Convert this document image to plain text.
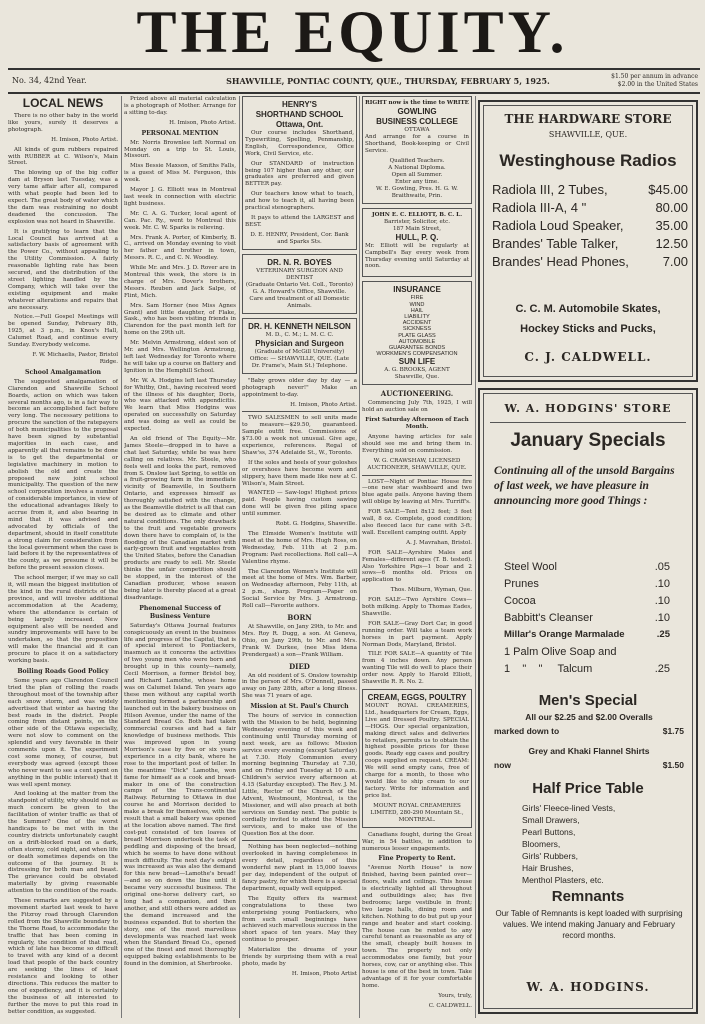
THE EQUITY.
No. 34, 42nd Year.	SHAWVILLE, PONTIAC COUNTY, QUE., THURSDAY, FEBRUARY 5, 1925.	$1.50 per annum in advance
$2.00 in the United States
LOCAL NEWS

There is no other baby in the world like yours, surely it deserves a photograph.

H. Imison, Photo Artist.

All kinds of gum rubbers repaired with RUBBER at C. Wilson's, Main Street.

The blowing up of the big coffer dam at Bryson last Tuesday, was a very tame affair after all, compared with what people had been led to expect. The great body of water which the dam was restraining no doubt deadened the concussion. The explosion was not heard in Shawville.

It is gratifying to learn that the Local Council has arrived at a satisfactory basis of agreement with the Power Co., without appealing to the Utility Commission. A fairly reasonable lighting rate has been secured, and the distribution of the street lighting handled by the Company, which will take over the existing equipment and make whatever alterations and repairs that are necessary.

Notice.—Full Gospel Meetings will be opened Sunday, February 8th, 1925, at 3 p.m., in Knox's Hall, Calumet Road, and continue every Sunday. Everybody welcome.

F. W. Michaelis, Pastor, Bristol Ridge.

School Amalgamation

The suggested amalgamation of Clarendon and Shawville School Boards, action on which was taken several months ago, is in a fair way to become an accomplished fact before very long. The necessary petitions to procure the sanction of the ratepayers of both municipalities to the proposal have been signed by substantial majorities in each case, and apparently all that remains to be done is to get the departmental or legislative machinery in motion to abolish the old and create the proposed new joint school municipality. The question of the new school corporation involves a number of considerable importance, in view of the educational advantages likely to accrue from it, and also bearing in mind that it was advised and advocated by officials of the department, should in itself constitute a strong claim for consideration from the local government when the case is laid before it by the representatives of the county, as we presume it will be before the present session closes.

The school merger, if we may so call it, will mean the biggest institution of the kind in the rural districts of the province, and will involve additional accommodation at the Academy, where the attendance is certain of being largely increased. New equipment also will be needed and sundry improvements will have to be undertaken, so that the proposition will make the financial aid it can procure to place it on a satisfactory working basis.

Boiling Roads Good Policy

Some years ago Clarendon Council tried the plan of rolling the roads throughout most of the township after each snow storm, and was widely advertised that winter as having the best roads in the district. People coming from distant points, on the other side of the Ottawa especially, were not slow to comment on the splendid and very favorable in their comments upon it. The experiment cost some money, of course, but everybody was agreed (except those who never want to see a cent spent on anything in the public interest) that it was well spent money.

And looking at the matter from the standpoint of utility, why should not as much concern be given to the facilitation of winter traffic as that of the Summer? One of the worst handicaps to be met with in the country districts unfortunately caught on a drift-blocked road on a dark, often stormy, cold night, and when life or death sometimes depends on the outcome of the journey. It is distressing for both man and beast. The grievance could be obviated materially by giving reasonable attention to the condition of the roads.

These remarks are suggested by a movement started last week to have the Fitzroy road through Clarendon rolled from the Shawville boundary to the Thorne Road, to accommodate the traffic that has been coming in regularly, the condition of that road, which of late has become so difficult to travel with any kind of a decent load that people of the back country are seeking the lines of least resistance and looking to other directions. This reduces the matter to one of expediency, and it is certainly the business of all interested to further the move to put this road in better condition, as suggested.

Prized above all material calculation is a photograph of Mother. Arrange for a sitting to-day.

H. Imison, Photo Artist.

PERSONAL MENTION

Mr. Norris Brownlee left Normal on Monday on a trip to St. Louis, Missouri.

Miss Bessie Maxson, of Smiths Falls, is a guest of Miss M. Ferguson, this week.

Mayor J. G. Elliott was in Montreal last week in connection with electric light business.

Mr. C. A. G. Tucker, local agent of Can. Pac. Ry., went to Montreal this week. Mr. C. W. Sparks is relieving.

Mrs. Frank A. Porter, of Kimberly, B. C., arrived on Monday evening to visit her father and brother in town, Messrs. R. C., and C. N. Woodley.

While Mr. and Mrs. J. D. Rover are in Montreal this week, the store is in charge of Mrs. Dover's brothers, Messrs. Reuben and Jack Salpe, of Flint, Mich.

Mrs. Sam Horner (nee Miss Agnes Grant) and little daughter, of Flake, Sask., who has been visiting friends in Clarendon for the past month left for home on the 29th ult.

Mr. Melvin Armstrong, eldest son of Mr. and Mrs. Wellington Armstrong, left last Wednesday for Toronto where he will take up a course on Battery and Ignition in the Hemphill School.

Mr. W. A. Hodgins left last Thursday for Whitby, Ont., having received word of the illness of his daughter, Doris, who was attacked with appendicitis. We learn that Miss Hodgins was operated on successfully on Saturday and was doing as well as could be expected.

An old friend of The Equity—Mr. James Steele—dropped in to have a chat last Saturday, while he was here calling on relatives. Mr. Steele, who feels well and looks the part, removed from S. Onslow last Spring, to settle on a fruit-growing farm in the immediate vicinity of Beamsville, in Southern Ontario, and expresses himself as thoroughly satisfied with the change, as the Beamsville district is all that can be desired as to climate and other natural conditions. The only drawback to the fruit and vegetable growers down there have to complain of, is the flooding of the Canadian market with early-grown fruit and vegetables from the United States, before the Canadian products are ready to sell. Mr. Steele thinks the unfair competition should be stopped, in the interest of the Canadian producer, whose season being later is thereby placed at a great disadvantage.

Phenomenal Success of Business Venture

Saturday's Ottawa Journal features conspicuously an event in the business life and progress of the Capital, that is of special interest to Pontiackers, inasmuch as it concerns the activities of two young men who were born and brought up in this county—namely, Cecil Morrison, a former Bristol boy, and Richard Lamothe, whose home was on Calumet Island. Ten years ago these men without any capital worth mentioning formed a partnership and launched out in the bakery business on Hilson Avenue, under the name of the Standard Bread Co. Both had taken commercial courses and had a fair knowledge of business methods. This was improved upon in young Morrison's case by five or six years experience in a city bank, where he rose to the important post of teller. In the meantime "Dick" Lamothe, won fame for himself as a cook and bread-maker in one of the construction camps of the Trans-continental Railway. Returning to Ottawa in due course he and Morrison decided to make a break for themselves, with the result that a small bakery was opened at the location above named. The first cost-put consisted of ten loaves of bread! Morrison undertook the task of peddling and disposing of the bread, which he seems to have done without much difficulty. The next day's output was increased as was also the demand for this new bread—Lamothe's bread!—and so on down the line until it became very successful business. The original one-horse delivery cart, so long had a companion, and then another, and still others were added as the demand increased and the business expanded. But to shorten the story, one of the most marvellous developments was reached last week when the Standard Bread Co., opened one of the finest and most thoroughly equipped baking establishments to be found in the dominion, at Sherbrooke.

HENRY'S
SHORTHAND SCHOOL
Ottawa, Ont.

Our course includes Shorthand, Typewriting, Spelling, Penmanship, English, Correspondence, Office Work, Civil Service, etc.

Our STANDARD of instruction being 107 higher than any other, our graduates are preferred and given BETTER pay.

Our teachers know what to teach, and how to teach it, all having been practical stenographers.

It pays to attend the LARGEST and BEST.

D. E. HENRY, President, Cor. Bank and Sparks Sts.
DR. N. R. BOYES
VETERINARY SURGEON AND DENTIST
(Graduate Ontario Vet. Coll., Toronto) G. A. Howard's Office, Shawville. Care and treatment of all Domestic Animals.
DR. H. KENNETH NEILSON
M. D., C. M.; L. M. C. C.
Physician and Surgeon
(Graduate of McGill University) Office: — SHAWVILLE, QUE. (Late Dr. Frame's, Main St.) Telephone.

"Baby grows older day by day — a photograph never!" Make an appointment to-day.

H. Imison, Photo Artist.

TWO SALESMEN to sell units made to measure—$29.50, guaranteed. Sample outfit free. Commissions of $73.00 a week not unusual. Give age, experience, references. Regal of Shaw'ss, 374 Adelaide St., W., Toronto.

If the soles and heels of your goloshes or overshoes have become worn and slippery, have them made like new at C. Wilson's, Main Street.

WANTED — Saw-logs! Highest prices paid. People having custom sawing done will be given free piling space until summer.

Robt. G. Hodgins, Shawville.

The Elmside Women's Institute will meet at the home of Mrs. Hugh Ross, on Wednesday, Feb. 11th at 2 p.m. Program: Past recollections. Roll call—A Valentine rhyme.

The Clarendon Women's Institute will meet at the home of Mrs. Wm. Barber, on Wednesday afternoon, Feby 11th, at 2 p.m., sharp. Program—Paper on Social Service by Mrs. J. Armstrong. Roll call—Favorite authors.

BORN

At Shawville, on Jany 29th, to Mr. and Mrs. Roy R. Dugg, a son. At Geneva, Ohio, on Jany 29th, to Mr. and Mrs. Frank W. Durkee, (nee Miss Idena Prendergast) a son—Frank William.

DIED

An old resident of S. Onslow township in the person of Mrs. O'Donnell, passed away on Jany 28th, after a long illness. She was 71 years of age.

Mission at St. Paul's Church

The hours of service in connection with the Mission to be held, beginning Wednesday evening of this week and continuing until Thursday morning of next week, are as follows: Mission service every evening (except Saturday) at 7.30. Holy Communion every morning beginning Thursday at 7.30, and on Friday and Tuesday at 10 a.m. Children's service every afternoon at 4.15 (Saturday excepted). The Rev. J. M. Little, Rector of the Church of the Advent, Westmount, Montreal, is the Missioner, and will also preach at both services on Sunday next. The public is cordially invited to attend the Mission services, and to make use of the Question Box at the door.

Nothing has been neglected—nothing overlooked in having completeness in every detail, regardless of this wonderful new plant in 15,000 loaves per day, independent of the output of fancy pastry, for which there is a special department, equally well equipped.

The Equity offers its warmest congratulations to these two enterprising young Pontiackers, who from such small beginnings have achieved such marvellous success in the short space of ten years. May they continue to prosper.

Materialize the dreams of your friends by surprising them with a real photo, made by

H. Imison, Photo Artist

RIGHT now is the time to WRITE
GOWLING
BUSINESS COLLEGE
OTTAWA

And arrange for a course in Shorthand, Book-keeping or Civil Service.

Qualified Teachers.
A National Diploma.
Open all Summer.
Enter any time.
W. E. Gowling, Pres. H. G. W. Braithwaite, Prin.
JOHN E. C. ELLIOTT, B. C. L.
Barrister, Solicitor, etc.
187 Main Street,
HULL, P. Q.

Mr. Elliott will be regularly at Campbell's Bay every week from Thursday evening until Saturday at noon.

INSURANCE
FIRE
WIND
HAIL
LIABILITY
ACCIDENT
SICKNESS
PLATE GLASS
AUTOMOBILE
GUARANTEE BONDS
WORKMEN'S COMPENSATION
SUN LIFE
A. G. BROOKS, AGENT
Shawville, Que.
AUCTIONEERING.

Commencing July 7th, 1925, I will hold an auction sale on

First Saturday Afternoon of Each Month.

Anyone having articles for sale should see me and bring them in. Everything sold on commission.

W. G. CRAWSHAW, LICENSED AUCTIONEER, SHAWVILLE, QUE.

LOST—Night of Pontiac House fire—one new star washboard and two blue agate pails. Anyone having them will oblige by leaving at Mrs. Turriff's.

FOR SALE—Tent 8x12 feet; 3 feet wall, 8 oz. Complete, good condition; also fleeced lace fur cane with 3-ft. wall. Excellent camping outfit. Apply

A. J. Mavrahan, Bristol.

FOR SALE—Ayrshire Males and Females—different ages (T. B. tested). Also Yorkshire Pigs—1 boar and 2 sows—6 months old. Prices on application to

Thos. Milburn, Wyman, Que.

FOR SALE—Two Ayrshire Cows—both milking. Apply to Thomas Eades, Shawville.

FOR SALE—Gray Dort Car, in good running order. Will take a team work horses in part payment. Apply Norman Dods, Maryland, Bristol.

TILE FOR SALE—A quantity of Tile from 4 inches down. Any person wanting Tile will do well to place their order now. Apply to Harold Elliott, Shawville R. R. No. 2.

CREAM, EGGS, POULTRY

MOUNT ROYAL CREAMERIES, Ltd., headquarters for Cream, Eggs, Live and Dressed Poultry. SPECIAL—HOGS. Our special organization, making direct sales and deliveries to retailers, permits us to obtain the highest possible prices for these goods. Ready egg cases and poultry coops supplied on request. CREAM: We will send empty cans, free of charge for a month, to those who would like to ship cream to our factory. Write for information and price list.

MOUNT ROYAL CREAMERIES LIMITED, 280-290 Mountain St., MONTREAL.

Canadians fought, during the Great War, in 54 battles, in addition to numerous lesser engagements.

Fine Property to Rent.

"Avenue North House" is now finished, having been painted over—floors, walls and ceilings. This house is electrically lighted all throughout and outbuildings also; has five bedrooms; large vestibule in front; two large halls, dining room and kitchen. Nothing to do but put up your range and heater and start cooking. The house can be rented to any careful tenant as reasonable as any of the small, cheaply built houses in town. The property not only accommodates one family, but your horses, cow, car or anything else. This house is one of the best in town. Take advantage of it for your comfortable home.

Yours, truly,

C. CALDWELL.

THE HARDWARE STORE
SHAWVILLE, QUE.
Westinghouse Radios
Radiola III, 2 Tubes,	$45.00
Radiola III-A, 4 "	80.00
Radiola Loud Speaker, 35.00
Brandes' Table Talker,	12.50
Brandes' Head Phones,	7.00
C. C. M. Automobile Skates,
Hockey Sticks and Pucks,
C. J. CALDWELL.
W. A. HODGINS' STORE
January Specials
Continuing all of the unsold Bargains of last week, we have pleasure in announcing more good Things :
Steel Wool	.05
Prunes	.10
Cocoa	.10
Babbitt's Cleanser	.10
Millar's Orange Marmalade	.25
1 Palm Olive Soap and
1    "    "     Talcum	.25
Men's Special
All our $2.25 and $2.00 Overalls
marked down to	$1.75
Grey and Khaki Flannel Shirts
now	$1.50
Half Price Table
Girls' Fleece-lined Vests,
Small Drawers,
Pearl Buttons,
Bloomers,
Girls' Rubbers,
Hair Brushes,
Menthol Plasters, etc.
Remnants
Our Table of Remnants is kept loaded with surprising values. We intend making January and February record months.
W. A. HODGINS.
